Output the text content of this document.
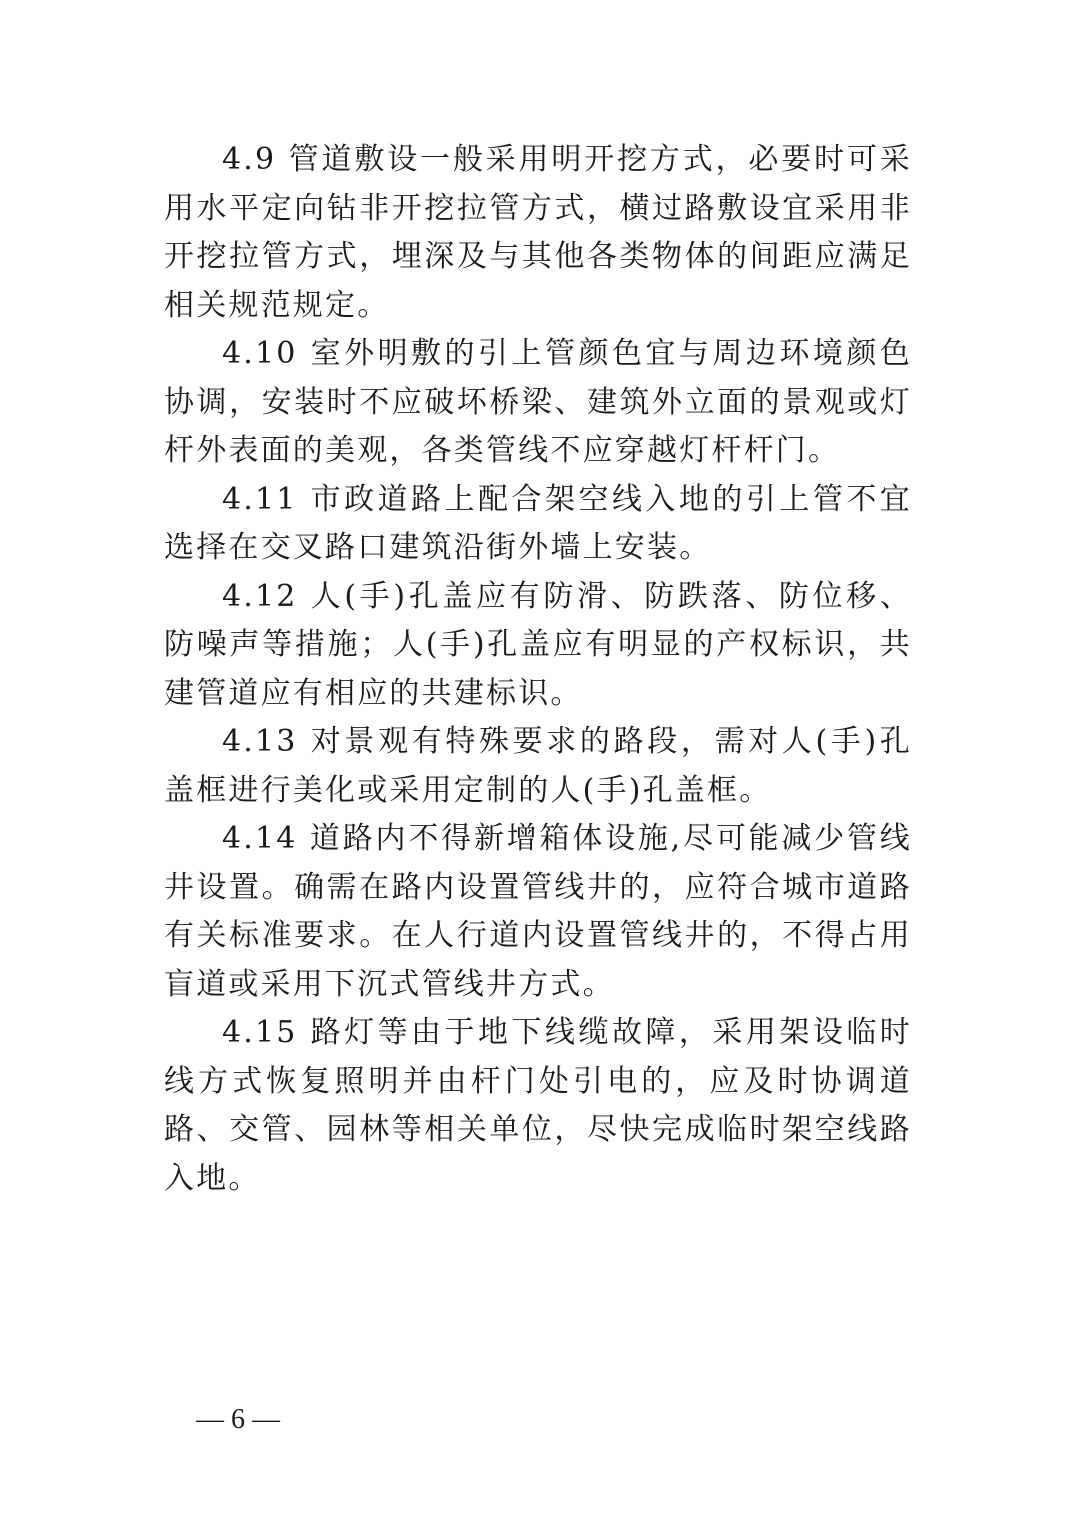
4.9 管道敷设一般采用明开挖方式，必要时可采用水平定向钻非开挖拉管方式，横过路敷设宜采用非开挖拉管方式，埋深及与其他各类物体的间距应满足相关规范规定。

4.10 室外明敷的引上管颜色宜与周边环境颜色协调，安装时不应破坏桥梁、建筑外立面的景观或灯杆外表面的美观，各类管线不应穿越灯杆杆门。

4.11 市政道路上配合架空线入地的引上管不宜选择在交叉路口建筑沿街外墙上安装。

4.12 人(手)孔盖应有防滑、防跌落、防位移、防噪声等措施；人(手)孔盖应有明显的产权标识，共建管道应有相应的共建标识。

4.13 对景观有特殊要求的路段，需对人(手)孔盖框进行美化或采用定制的人(手)孔盖框。

4.14 道路内不得新增箱体设施,尽可能减少管线井设置。确需在路内设置管线井的，应符合城市道路有关标准要求。在人行道内设置管线井的，不得占用盲道或采用下沉式管线井方式。

4.15 路灯等由于地下线缆故障，采用架设临时线方式恢复照明并由杆门处引电的，应及时协调道路、交管、园林等相关单位，尽快完成临时架空线路入地。

— 6 —
